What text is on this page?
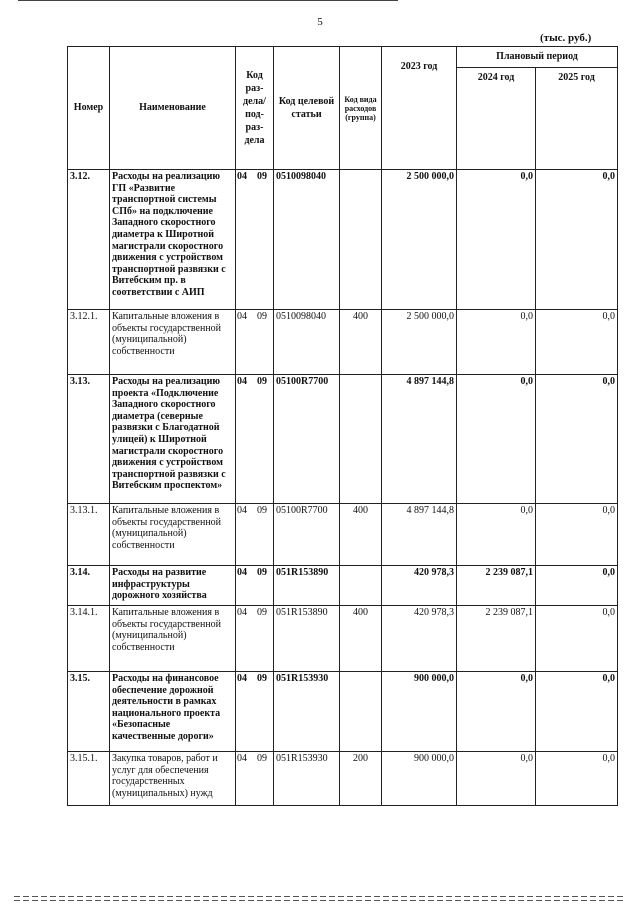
5
(тыс. руб.)
Номер	Наименование	Код раз-дела/под-раз-дела	Код целевой статьи	Код вида расходов (группа)	2023 год	Плановый период	
						2024 год	2025 год
3.12.	Расходы на реализацию ГП «Развитие транспортной системы СПб» на подключение Западного скоростного диаметра к Широтной магистрали скоростного движения с устройством транспортной развязки с Витебским пр. в соответствии с АИП	04 09	0510098040		2 500 000,0	0,0	0,0
3.12.1.	Капитальные вложения в объекты государственной (муниципальной) собственности	04 09	0510098040	400	2 500 000,0	0,0	0,0
3.13.	Расходы на реализацию проекта «Подключение Западного скоростного диаметра (северные развязки с Благодатной улицей) к Широтной магистрали скоростного движения с устройством транспортной развязки с Витебским проспектом»	04 09	05100R7700		4 897 144,8	0,0	0,0
3.13.1.	Капитальные вложения в объекты государственной (муниципальной) собственности	04 09	05100R7700	400	4 897 144,8	0,0	0,0
3.14.	Расходы на развитие инфраструктуры дорожного хозяйства	04 09	051R153890		420 978,3	2 239 087,1	0,0
3.14.1.	Капитальные вложения в объекты государственной (муниципальной) собственности	04 09	051R153890	400	420 978,3	2 239 087,1	0,0
3.15.	Расходы на финансовое обеспечение дорожной деятельности в рамках национального проекта «Безопасные качественные дороги»	04 09	051R153930		900 000,0	0,0	0,0
3.15.1.	Закупка товаров, работ и услуг для обеспечения государственных (муниципальных) нужд	04 09	051R153930	200	900 000,0	0,0	0,0
